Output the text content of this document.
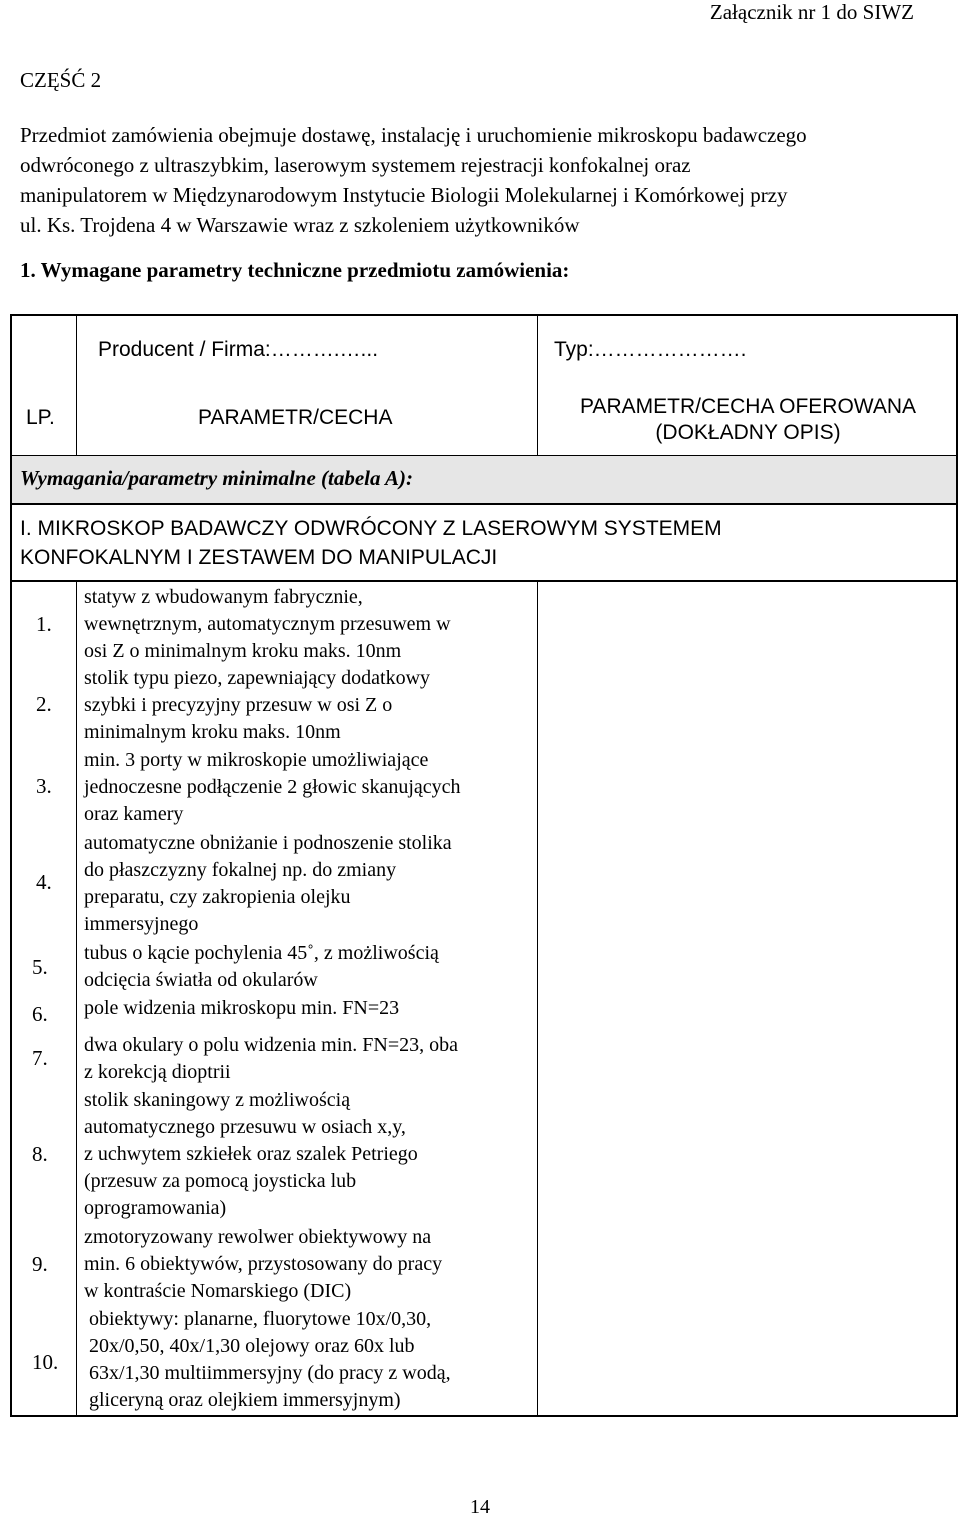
Załącznik nr 1 do SIWZ
CZĘŚĆ 2
Przedmiot zamówienia obejmuje dostawę, instalację i uruchomienie mikroskopu badawczego
odwróconego z ultraszybkim, laserowym systemem rejestracji konfokalnej oraz
manipulatorem w Międzynarodowym Instytucie Biologii Molekularnej i Komórkowej przy
ul. Ks. Trojdena 4 w Warszawie wraz z szkoleniem użytkowników
1. Wymagane parametry techniczne przedmiotu zamówienia:
Producent / Firma:……….…...	Typ:………………….
LP.	PARAMETR/CECHA	PARAMETR/CECHA OFEROWANA
(DOKŁADNY OPIS)
Wymagania/parametry minimalne (tabela A):
I. MIKROSKOP BADAWCZY ODWRÓCONY Z LASEROWYM SYSTEMEM
KONFOKALNYM I ZESTAWEM DO MANIPULACJI
1.
statyw z wbudowanym fabrycznie,
wewnętrznym, automatycznym przesuwem w
osi Z o minimalnym kroku maks. 10nm
2.
stolik typu piezo, zapewniający dodatkowy
szybki i precyzyjny przesuw w osi Z o
minimalnym kroku maks. 10nm
3.
min. 3 porty w mikroskopie umożliwiające
jednoczesne podłączenie 2 głowic skanujących
oraz kamery
4.
automatyczne obniżanie i podnoszenie stolika
do płaszczyzny fokalnej np. do zmiany
preparatu, czy zakropienia olejku
immersyjnego
5.
tubus o kącie pochylenia 45˚, z możliwością
odcięcia światła od okularów
6. pole widzenia mikroskopu min. FN=23
7.
dwa okulary o polu widzenia min. FN=23, oba
z korekcją dioptrii
8.
stolik skaningowy z możliwością
automatycznego przesuwu w osiach x,y,
z uchwytem szkiełek oraz szalek Petriego
(przesuw za pomocą joysticka lub
oprogramowania)
9.
zmotoryzowany rewolwer obiektywowy na
min. 6 obiektywów, przystosowany do pracy
w kontraście Nomarskiego (DIC)
10.
obiektywy: planarne, fluorytowe 10x/0,30,
20x/0,50, 40x/1,30 olejowy oraz 60x lub
63x/1,30 multiimmersyjny (do pracy z wodą,
gliceryną oraz olejkiem immersyjnym)
14
